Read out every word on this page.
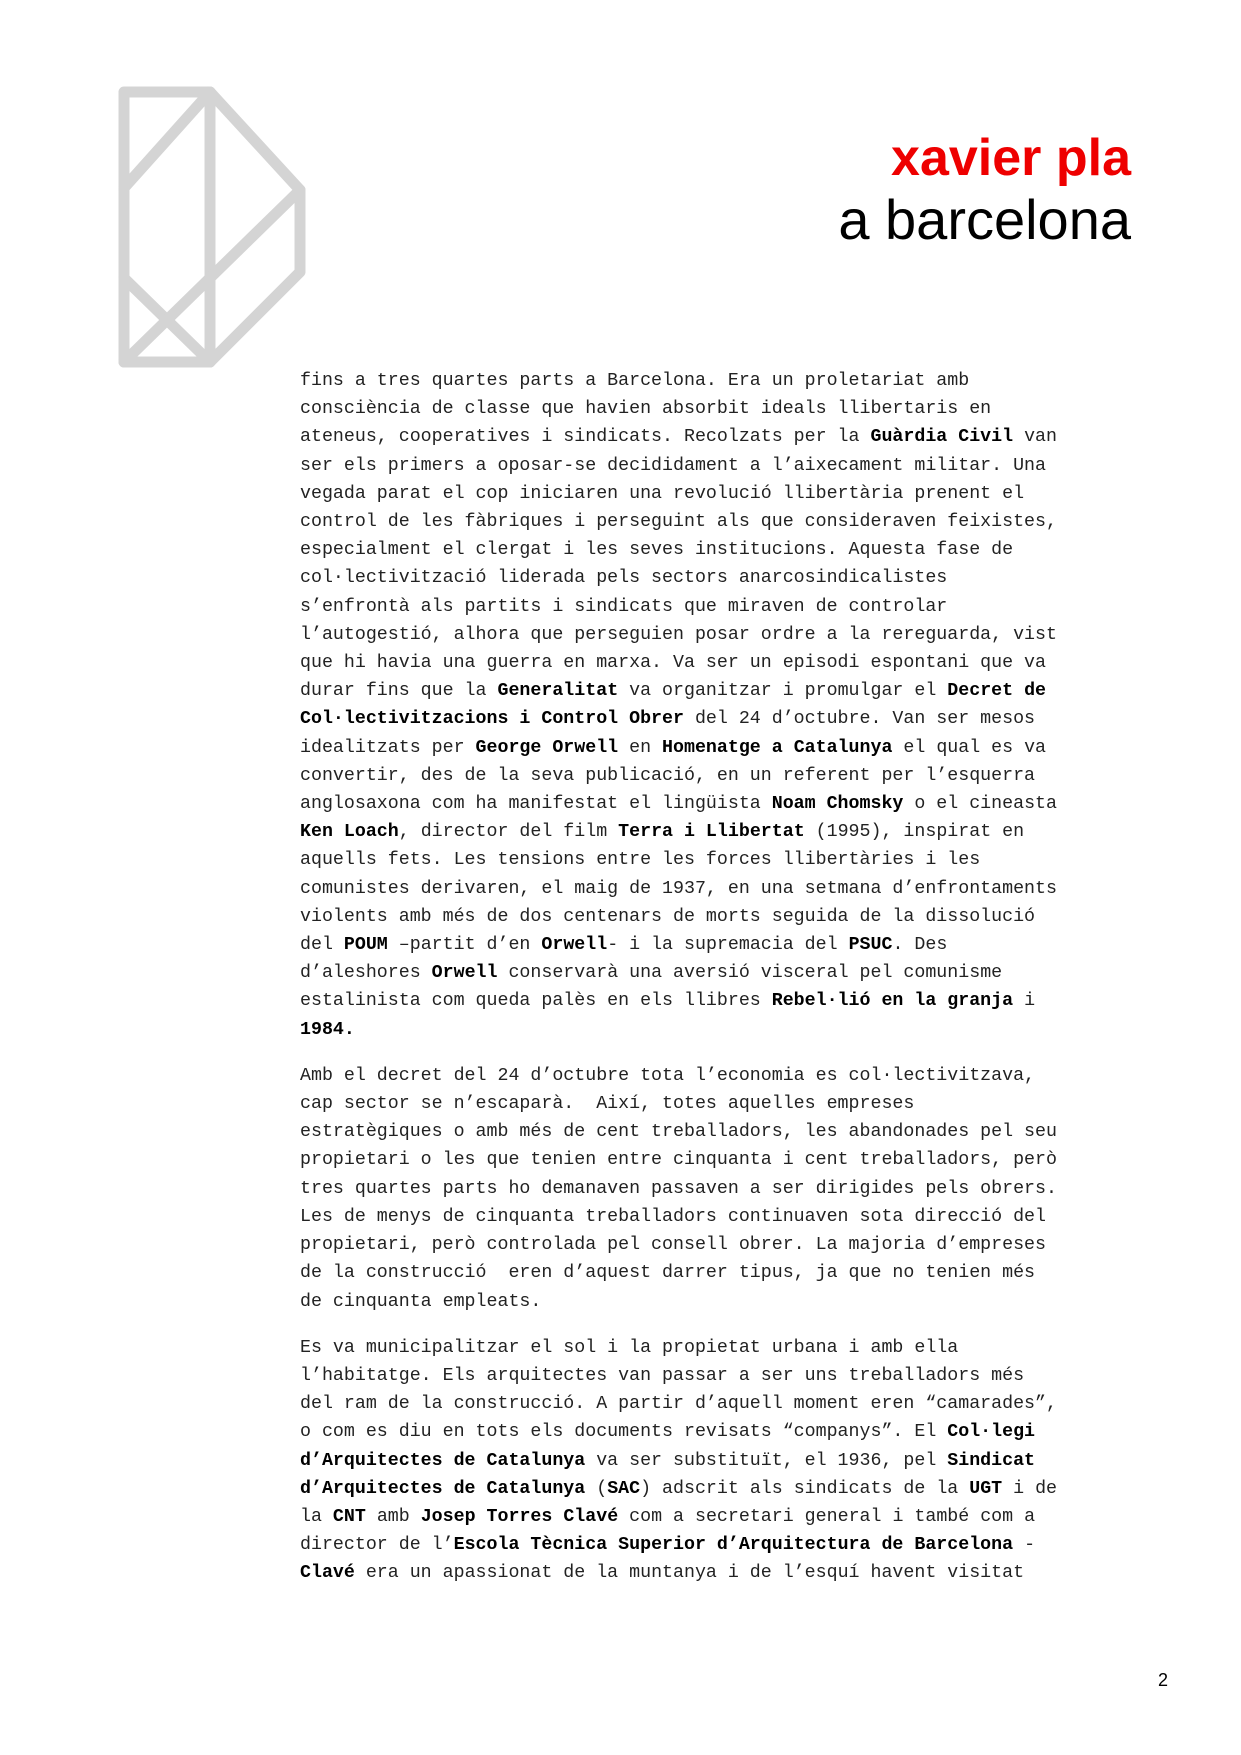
xavier pla
a barcelona

fins a tres quartes parts a Barcelona. Era un proletariat amb
consciència de classe que havien absorbit ideals llibertaris en
ateneus, cooperatives i sindicats. Recolzats per la Guàrdia Civil van
ser els primers a oposar-se decididament a l’aixecament militar. Una
vegada parat el cop iniciaren una revolució llibertària prenent el
control de les fàbriques i perseguint als que consideraven feixistes,
especialment el clergat i les seves institucions. Aquesta fase de
col·lectivització liderada pels sectors anarcosindicalistes
s’enfrontà als partits i sindicats que miraven de controlar
l’autogestió, alhora que perseguien posar ordre a la rereguarda, vist
que hi havia una guerra en marxa. Va ser un episodi espontani que va
durar fins que la Generalitat va organitzar i promulgar el Decret de
Col·lectivitzacions i Control Obrer del 24 d’octubre. Van ser mesos
idealitzats per George Orwell en Homenatge a Catalunya el qual es va
convertir, des de la seva publicació, en un referent per l’esquerra
anglosaxona com ha manifestat el lingüista Noam Chomsky o el cineasta
Ken Loach, director del film Terra i Llibertat (1995), inspirat en
aquells fets. Les tensions entre les forces llibertàries i les
comunistes derivaren, el maig de 1937, en una setmana d’enfrontaments
violents amb més de dos centenars de morts seguida de la dissolució
del POUM –partit d’en Orwell- i la supremacia del PSUC. Des
d’aleshores Orwell conservarà una aversió visceral pel comunisme
estalinista com queda palès en els llibres Rebel·lió en la granja i
1984.

Amb el decret del 24 d’octubre tota l’economia es col·lectivitzava,
cap sector se n’escaparà.  Així, totes aquelles empreses
estratègiques o amb més de cent treballadors, les abandonades pel seu
propietari o les que tenien entre cinquanta i cent treballadors, però
tres quartes parts ho demanaven passaven a ser dirigides pels obrers.
Les de menys de cinquanta treballadors continuaven sota direcció del
propietari, però controlada pel consell obrer. La majoria d’empreses
de la construcció  eren d’aquest darrer tipus, ja que no tenien més
de cinquanta empleats.

Es va municipalitzar el sol i la propietat urbana i amb ella
l’habitatge. Els arquitectes van passar a ser uns treballadors més
del ram de la construcció. A partir d’aquell moment eren “camarades”,
o com es diu en tots els documents revisats “companys”. El Col·legi
d’Arquitectes de Catalunya va ser substituït, el 1936, pel Sindicat
d’Arquitectes de Catalunya (SAC) adscrit als sindicats de la UGT i de
la CNT amb Josep Torres Clavé com a secretari general i també com a
director de l’Escola Tècnica Superior d’Arquitectura de Barcelona -
Clavé era un apassionat de la muntanya i de l’esquí havent visitat

2
